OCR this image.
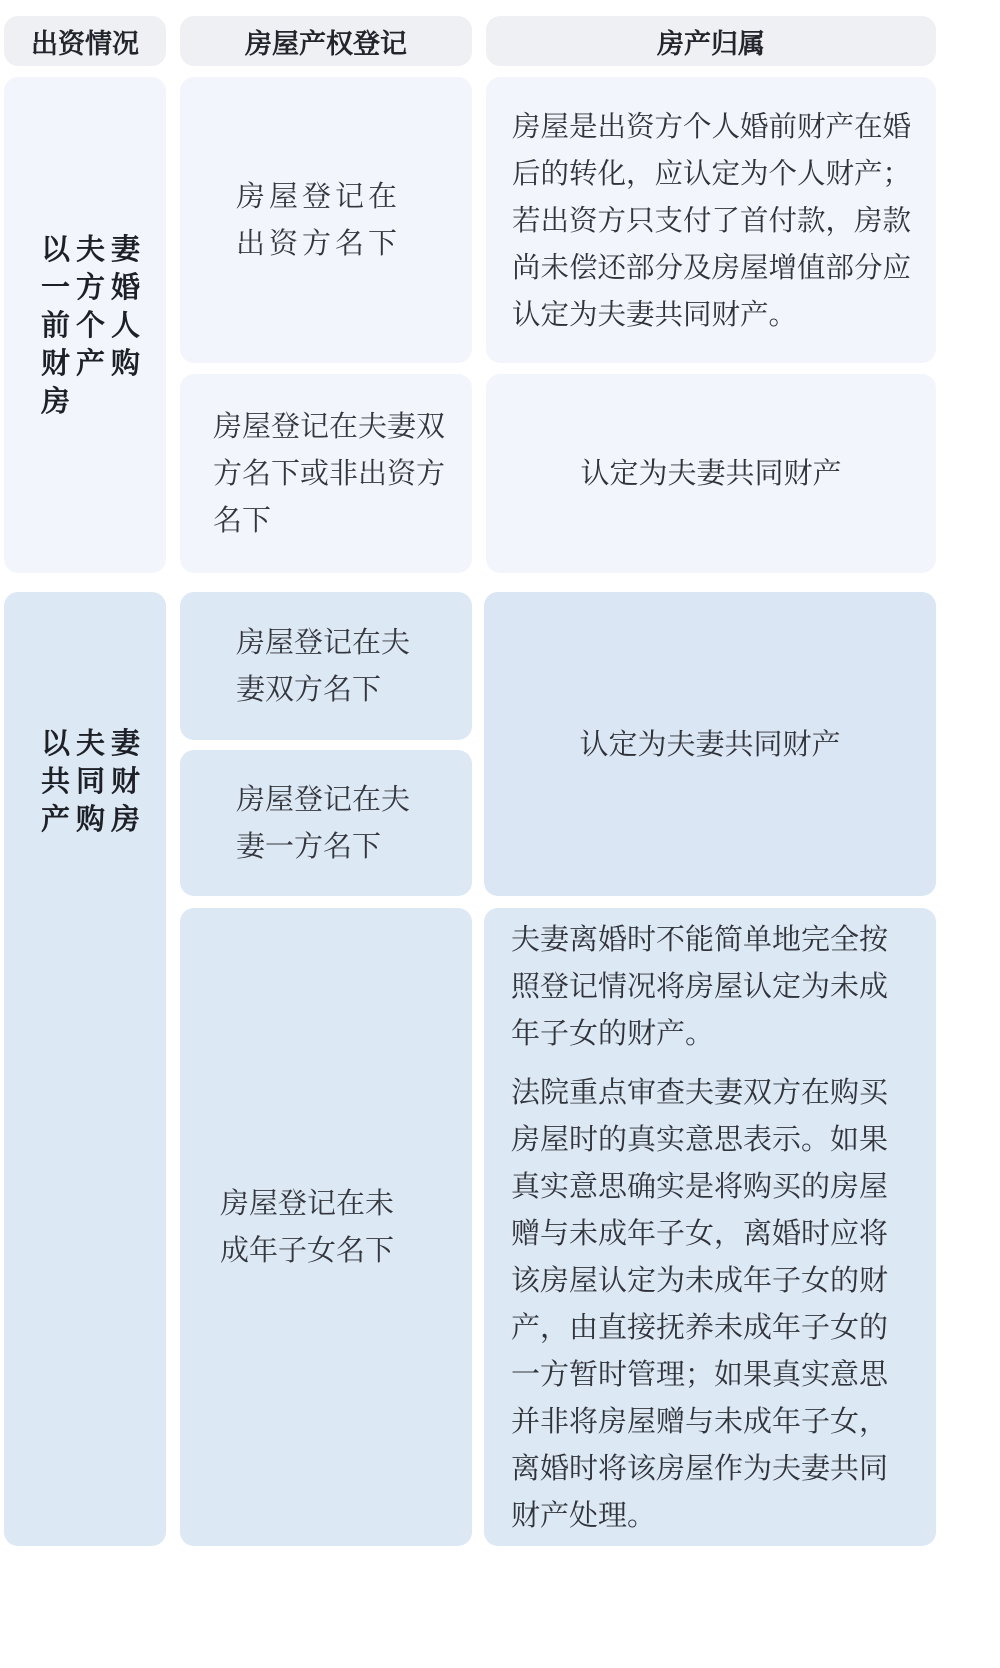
出资情况	房屋产权登记	房产归属
以夫妻一方婚前个人财产购房
房屋登记在出资方名下
房屋是出资方个人婚前财产在婚后的转化，应认定为个人财产；若出资方只支付了首付款，房款尚未偿还部分及房屋增值部分应认定为夫妻共同财产。
房屋登记在夫妻双方名下或非出资方名下
认定为夫妻共同财产
以夫妻共同财产购房
房屋登记在夫妻双方名下
房屋登记在夫妻一方名下
认定为夫妻共同财产
房屋登记在未成年子女名下

夫妻离婚时不能简单地完全按照登记情况将房屋认定为未成年子女的财产。

法院重点审查夫妻双方在购买房屋时的真实意思表示。如果真实意思确实是将购买的房屋赠与未成年子女，离婚时应将该房屋认定为未成年子女的财产，由直接抚养未成年子女的一方暂时管理；如果真实意思并非将房屋赠与未成年子女，离婚时将该房屋作为夫妻共同财产处理。
